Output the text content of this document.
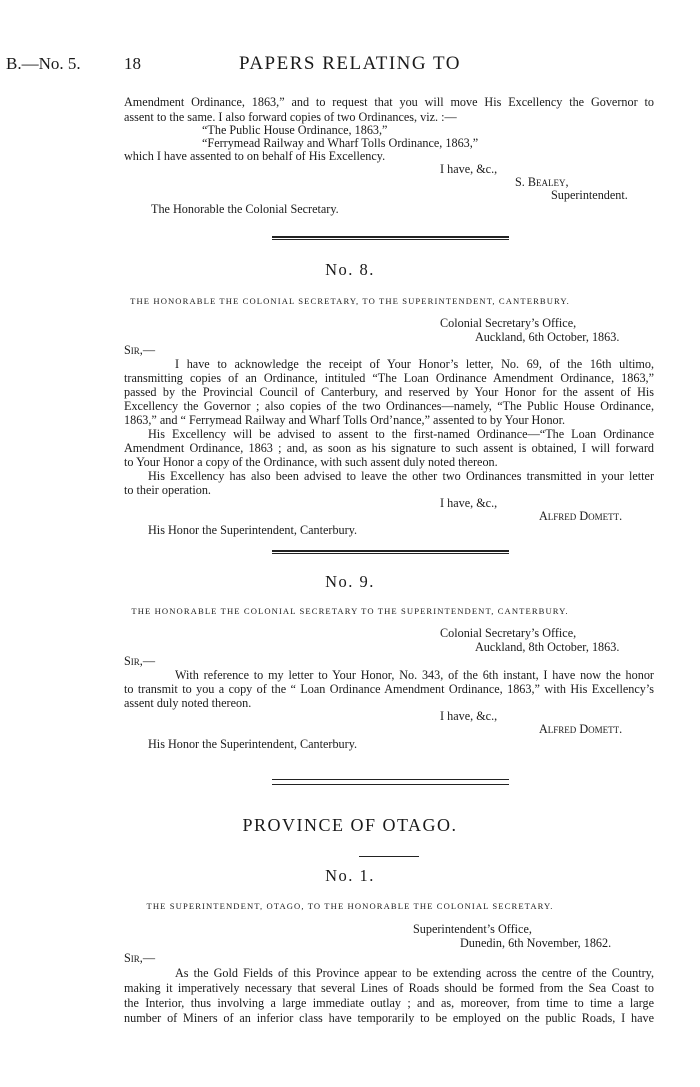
B.—No. 5.	18	PAPERS RELATING TO
Amendment Ordinance, 1863,” and to request that you will move His Excellency the Governor to
assent to the same. I also forward copies of two Ordinances, viz. :—
“The Public House Ordinance, 1863,”
“Ferrymead Railway and Wharf Tolls Ordinance, 1863,”
which I have assented to on behalf of His Excellency.
I have, &c.,
S. Bealey,
Superintendent.
The Honorable the Colonial Secretary.
No. 8.
THE HONORABLE THE COLONIAL SECRETARY, TO THE SUPERINTENDENT, CANTERBURY.
Colonial Secretary’s Office,
Auckland, 6th October, 1863.
Sir,—
I have to acknowledge the receipt of Your Honor’s letter, No. 69, of the 16th ultimo,
transmitting copies of an Ordinance, intituled “The Loan Ordinance Amendment Ordinance, 1863,”
passed by the Provincial Council of Canterbury, and reserved by Your Honor for the assent of His
Excellency the Governor ; also copies of the two Ordinances—namely, “The Public House Ordinance,
1863,” and “ Ferrymead Railway and Wharf Tolls Ord’nance,” assented to by Your Honor.
His Excellency will be advised to assent to the first-named Ordinance—“The Loan Ordinance
Amendment Ordinance, 1863 ; and, as soon as his signature to such assent is obtained, I will forward
to Your Honor a copy of the Ordinance, with such assent duly noted thereon.
His Excellency has also been advised to leave the other two Ordinances transmitted in your letter
to their operation.
I have, &c.,
Alfred Domett.
His Honor the Superintendent, Canterbury.
No. 9.
THE HONORABLE THE COLONIAL SECRETARY TO THE SUPERINTENDENT, CANTERBURY.
Colonial Secretary’s Office,
Auckland, 8th October, 1863.
Sir,—
With reference to my letter to Your Honor, No. 343, of the 6th instant, I have now the honor
to transmit to you a copy of the “ Loan Ordinance Amendment Ordinance, 1863,” with His Excellency’s
assent duly noted thereon.
I have, &c.,
Alfred Domett.
His Honor the Superintendent, Canterbury.
PROVINCE OF OTAGO.
No. 1.
THE SUPERINTENDENT, OTAGO, TO THE HONORABLE THE COLONIAL SECRETARY.
Superintendent’s Office,
Dunedin, 6th November, 1862.
Sir,—
As the Gold Fields of this Province appear to be extending across the centre of the Country,
making it imperatively necessary that several Lines of Roads should be formed from the Sea Coast to
the Interior, thus involving a large immediate outlay ; and as, moreover, from time to time a large
number of Miners of an inferior class have temporarily to be employed on the public Roads, I have
